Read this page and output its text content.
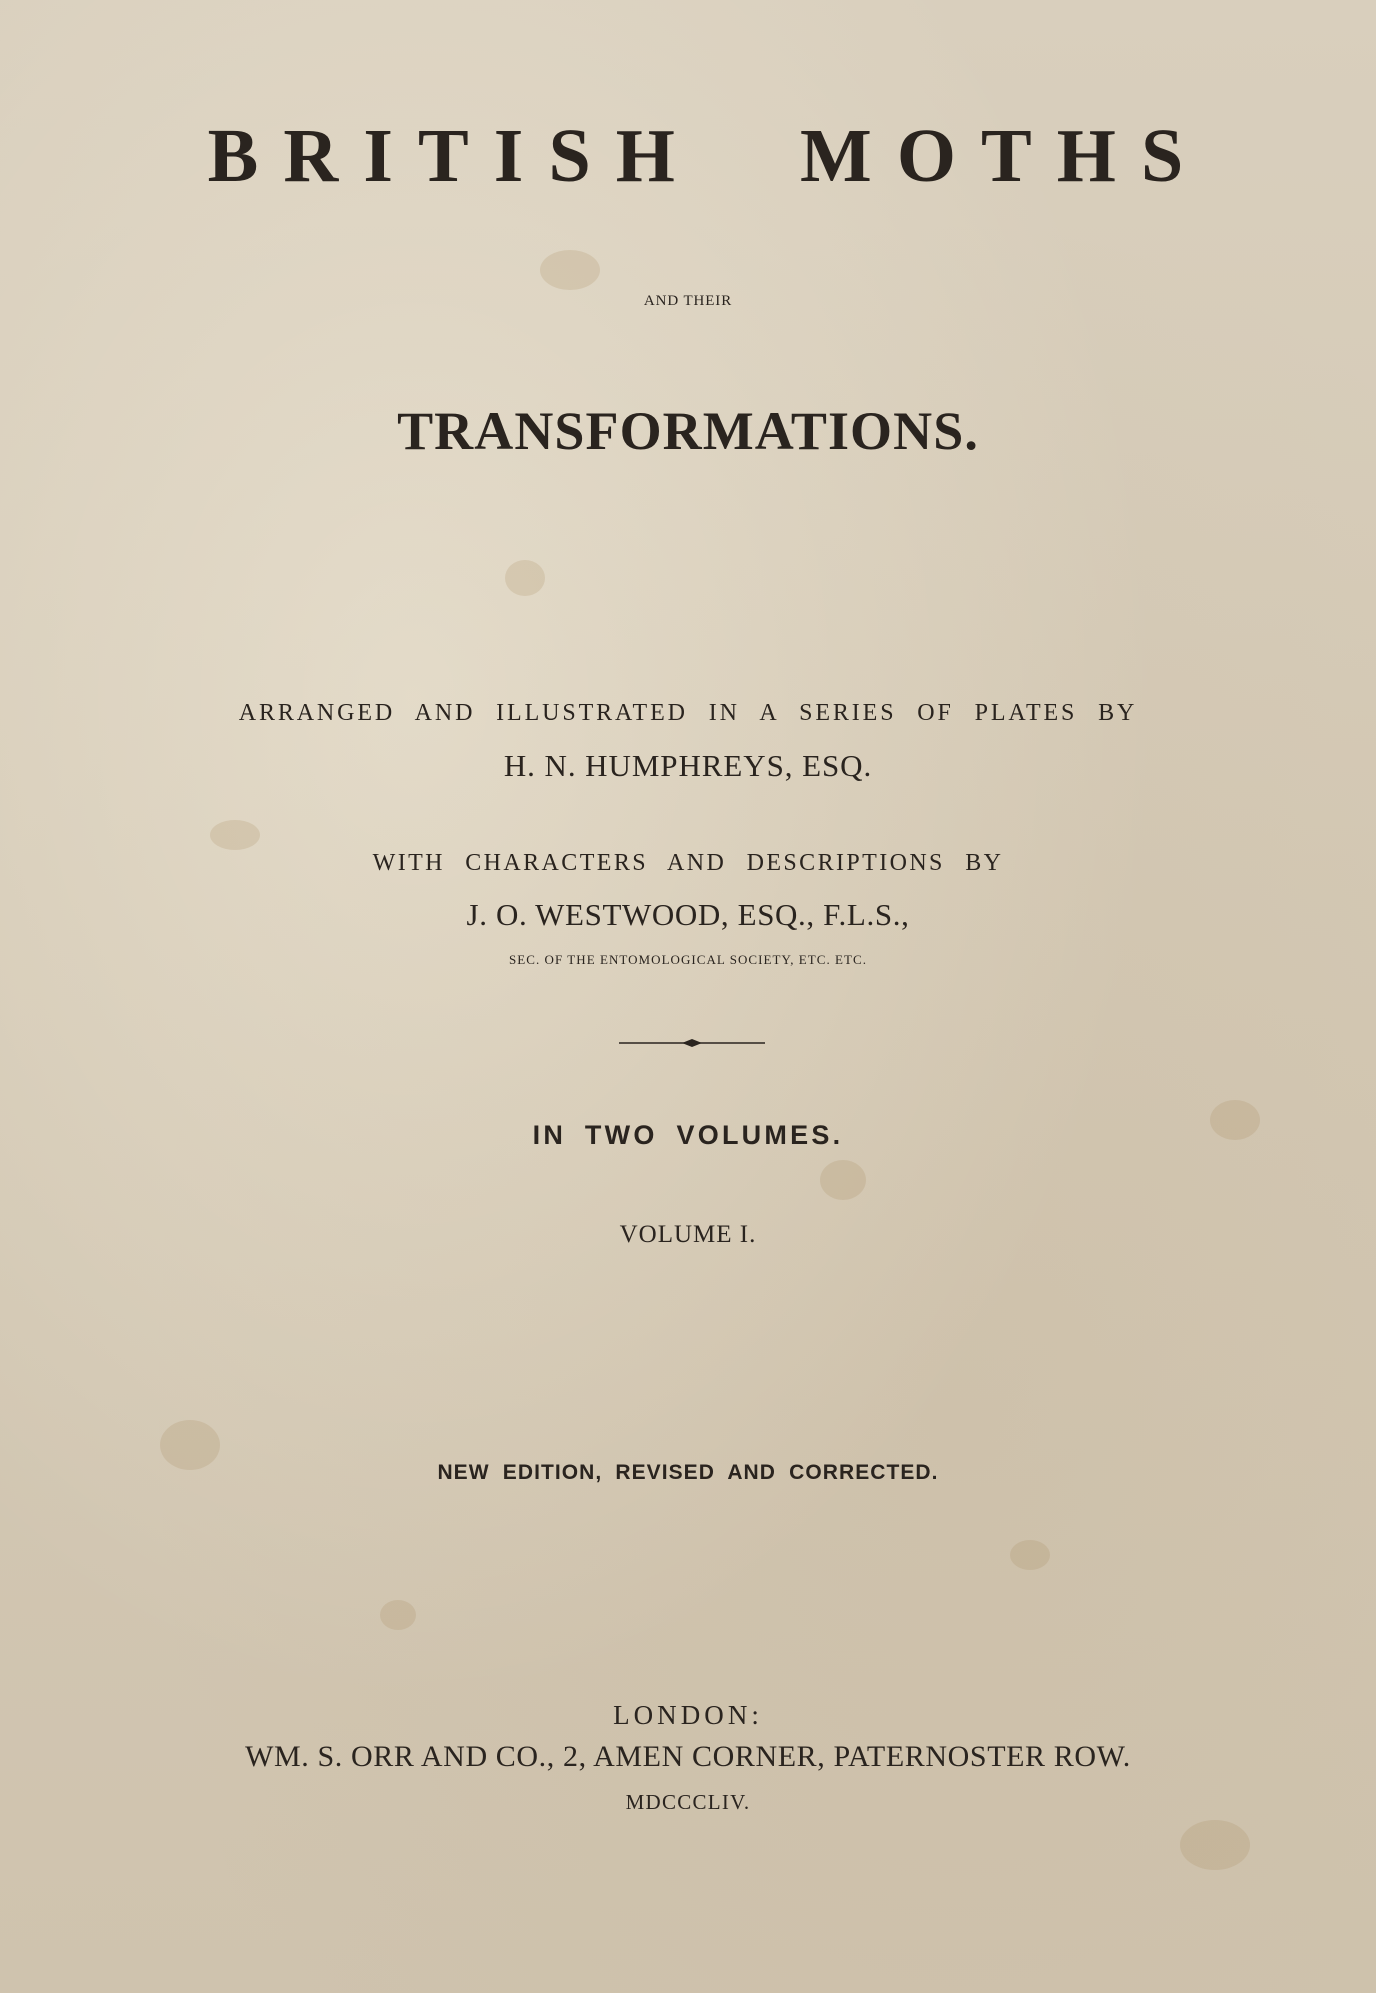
BRITISH MOTHS
AND THEIR
TRANSFORMATIONS.
ARRANGED AND ILLUSTRATED IN A SERIES OF PLATES BY
H. N. HUMPHREYS, ESQ.
WITH CHARACTERS AND DESCRIPTIONS BY
J. O. WESTWOOD, ESQ., F.L.S.,
SEC. OF THE ENTOMOLOGICAL SOCIETY, ETC. ETC.
IN TWO VOLUMES.
VOLUME I.
NEW EDITION, REVISED AND CORRECTED.
LONDON:
WM. S. ORR AND CO., 2, AMEN CORNER, PATERNOSTER ROW.
MDCCCLIV.
